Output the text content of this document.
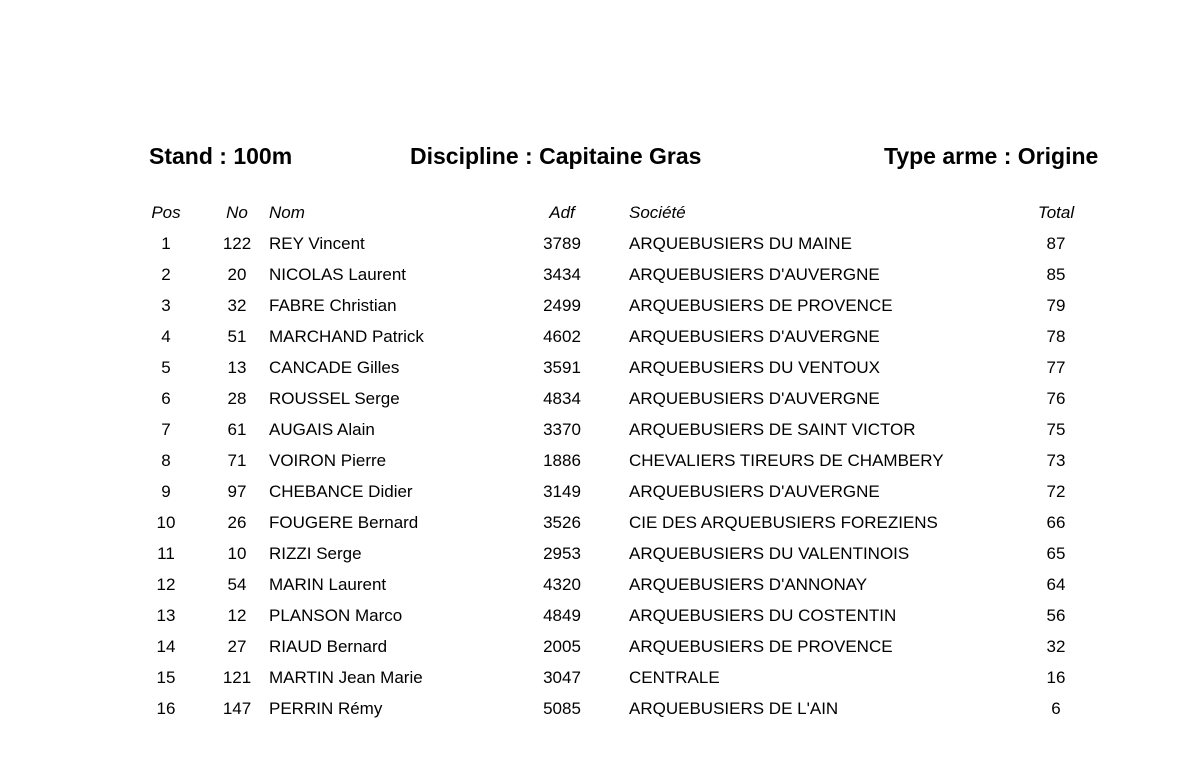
Stand : 100m	Discipline : Capitaine Gras	Type arme : Origine
Pos	No	Nom	Adf	Société	Total
1	122	REY Vincent	3789	ARQUEBUSIERS DU MAINE	87
2	20	NICOLAS Laurent	3434	ARQUEBUSIERS D'AUVERGNE	85
3	32	FABRE Christian	2499	ARQUEBUSIERS DE PROVENCE	79
4	51	MARCHAND Patrick	4602	ARQUEBUSIERS D'AUVERGNE	78
5	13	CANCADE Gilles	3591	ARQUEBUSIERS DU VENTOUX	77
6	28	ROUSSEL Serge	4834	ARQUEBUSIERS D'AUVERGNE	76
7	61	AUGAIS Alain	3370	ARQUEBUSIERS DE SAINT VICTOR	75
8	71	VOIRON Pierre	1886	CHEVALIERS TIREURS DE CHAMBERY	73
9	97	CHEBANCE Didier	3149	ARQUEBUSIERS D'AUVERGNE	72
10	26	FOUGERE Bernard	3526	CIE DES ARQUEBUSIERS FOREZIENS	66
11	10	RIZZI Serge	2953	ARQUEBUSIERS DU VALENTINOIS	65
12	54	MARIN Laurent	4320	ARQUEBUSIERS D'ANNONAY	64
13	12	PLANSON Marco	4849	ARQUEBUSIERS DU COSTENTIN	56
14	27	RIAUD Bernard	2005	ARQUEBUSIERS DE PROVENCE	32
15	121	MARTIN Jean Marie	3047	CENTRALE	16
16	147	PERRIN Rémy	5085	ARQUEBUSIERS DE L'AIN	6
